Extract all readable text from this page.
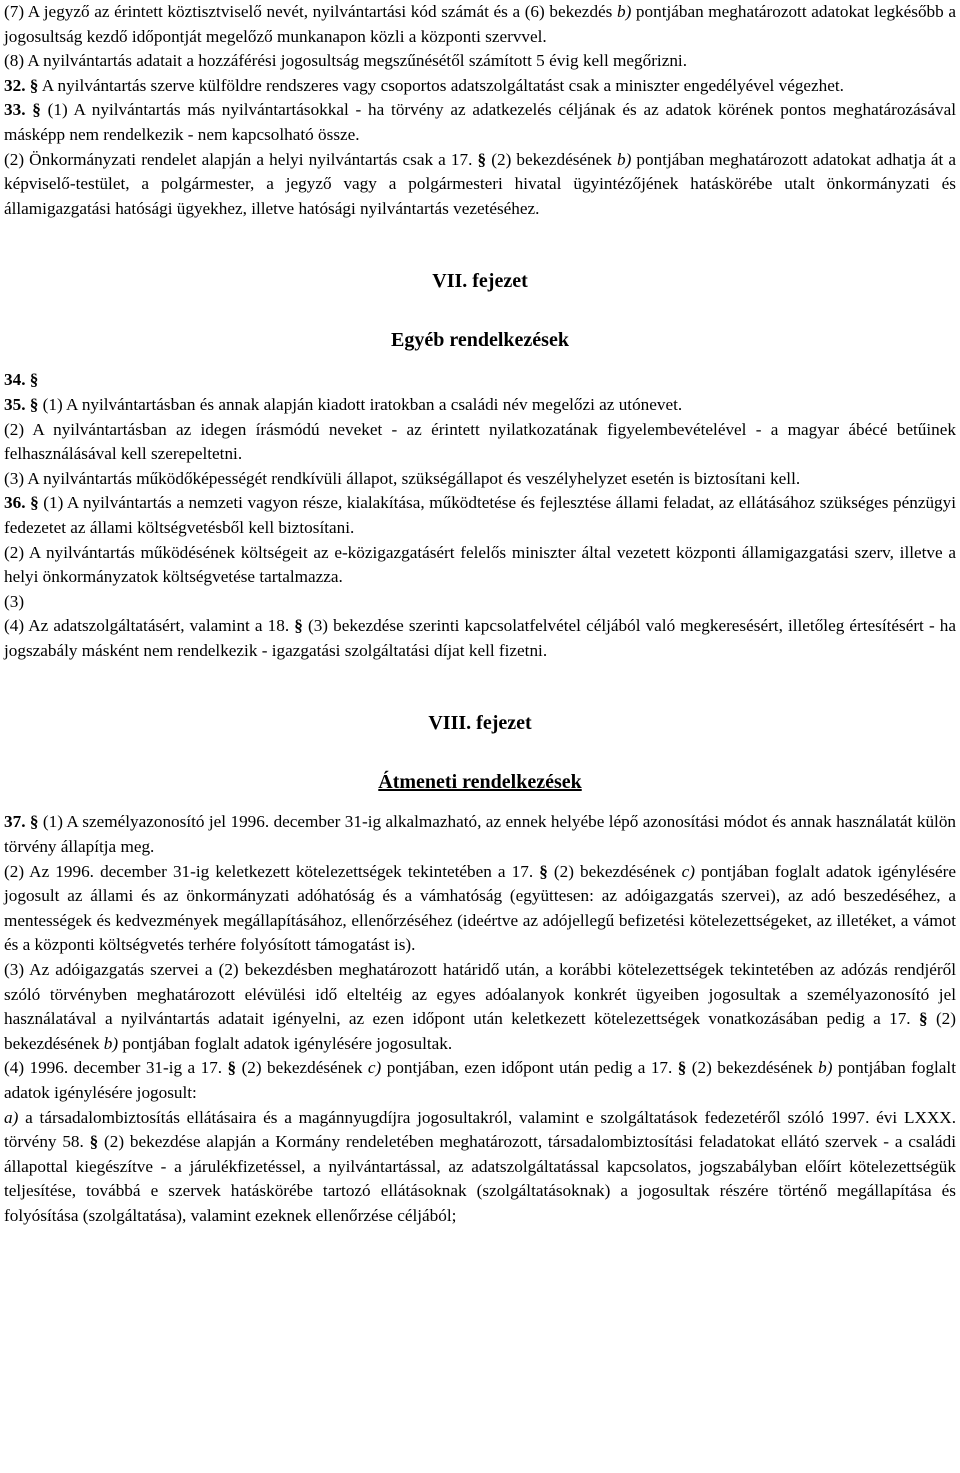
(7) A jegyző az érintett köztisztviselő nevét, nyilvántartási kód számát és a (6) bekezdés b) pontjában meghatározott adatokat legkésőbb a jogosultság kezdő időpontját megelőző munkanapon közli a központi szervvel.

(8) A nyilvántartás adatait a hozzáférési jogosultság megszűnésétől számított 5 évig kell megőrizni.

32. § A nyilvántartás szerve külföldre rendszeres vagy csoportos adatszolgáltatást csak a miniszter engedélyével végezhet.

33. § (1) A nyilvántartás más nyilvántartásokkal - ha törvény az adatkezelés céljának és az adatok körének pontos meghatározásával másképp nem rendelkezik - nem kapcsolható össze.

(2) Önkormányzati rendelet alapján a helyi nyilvántartás csak a 17. § (2) bekezdésének b) pontjában meghatározott adatokat adhatja át a képviselő-testület, a polgármester, a jegyző vagy a polgármesteri hivatal ügyintézőjének hatáskörébe utalt önkormányzati és államigazgatási hatósági ügyekhez, illetve hatósági nyilvántartás vezetéséhez.

VII. fejezet
Egyéb rendelkezések

34. §

35. § (1) A nyilvántartásban és annak alapján kiadott iratokban a családi név megelőzi az utónevet.

(2) A nyilvántartásban az idegen írásmódú neveket - az érintett nyilatkozatának figyelembevételével - a magyar ábécé betűinek felhasználásával kell szerepeltetni.

(3) A nyilvántartás működőképességét rendkívüli állapot, szükségállapot és veszélyhelyzet esetén is biztosítani kell.

36. § (1) A nyilvántartás a nemzeti vagyon része, kialakítása, működtetése és fejlesztése állami feladat, az ellátásához szükséges pénzügyi fedezetet az állami költségvetésből kell biztosítani.

(2) A nyilvántartás működésének költségeit az e-közigazgatásért felelős miniszter által vezetett központi államigazgatási szerv, illetve a helyi önkormányzatok költségvetése tartalmazza.

(3)

(4) Az adatszolgáltatásért, valamint a 18. § (3) bekezdése szerinti kapcsolatfelvétel céljából való megkeresésért, illetőleg értesítésért - ha jogszabály másként nem rendelkezik - igazgatási szolgáltatási díjat kell fizetni.

VIII. fejezet
Átmeneti rendelkezések

37. § (1) A személyazonosító jel 1996. december 31-ig alkalmazható, az ennek helyébe lépő azonosítási módot és annak használatát külön törvény állapítja meg.

(2) Az 1996. december 31-ig keletkezett kötelezettségek tekintetében a 17. § (2) bekezdésének c) pontjában foglalt adatok igénylésére jogosult az állami és az önkormányzati adóhatóság és a vámhatóság (együttesen: az adóigazgatás szervei), az adó beszedéséhez, a mentességek és kedvezmények megállapításához, ellenőrzéséhez (ideértve az adójellegű befizetési kötelezettségeket, az illetéket, a vámot és a központi költségvetés terhére folyósított támogatást is).

(3) Az adóigazgatás szervei a (2) bekezdésben meghatározott határidő után, a korábbi kötelezettségek tekintetében az adózás rendjéről szóló törvényben meghatározott elévülési idő elteltéig az egyes adóalanyok konkrét ügyeiben jogosultak a személyazonosító jel használatával a nyilvántartás adatait igényelni, az ezen időpont után keletkezett kötelezettségek vonatkozásában pedig a 17. § (2) bekezdésének b) pontjában foglalt adatok igénylésére jogosultak.

(4) 1996. december 31-ig a 17. § (2) bekezdésének c) pontjában, ezen időpont után pedig a 17. § (2) bekezdésének b) pontjában foglalt adatok igénylésére jogosult:

a) a társadalombiztosítás ellátásaira és a magánnyugdíjra jogosultakról, valamint e szolgáltatások fedezetéről szóló 1997. évi LXXX. törvény 58. § (2) bekezdése alapján a Kormány rendeletében meghatározott, társadalombiztosítási feladatokat ellátó szervek - a családi állapottal kiegészítve - a járulékfizetéssel, a nyilvántartással, az adatszolgáltatással kapcsolatos, jogszabályban előírt kötelezettségük teljesítése, továbbá e szervek hatáskörébe tartozó ellátásoknak (szolgáltatásoknak) a jogosultak részére történő megállapítása és folyósítása (szolgáltatása), valamint ezeknek ellenőrzése céljából;
